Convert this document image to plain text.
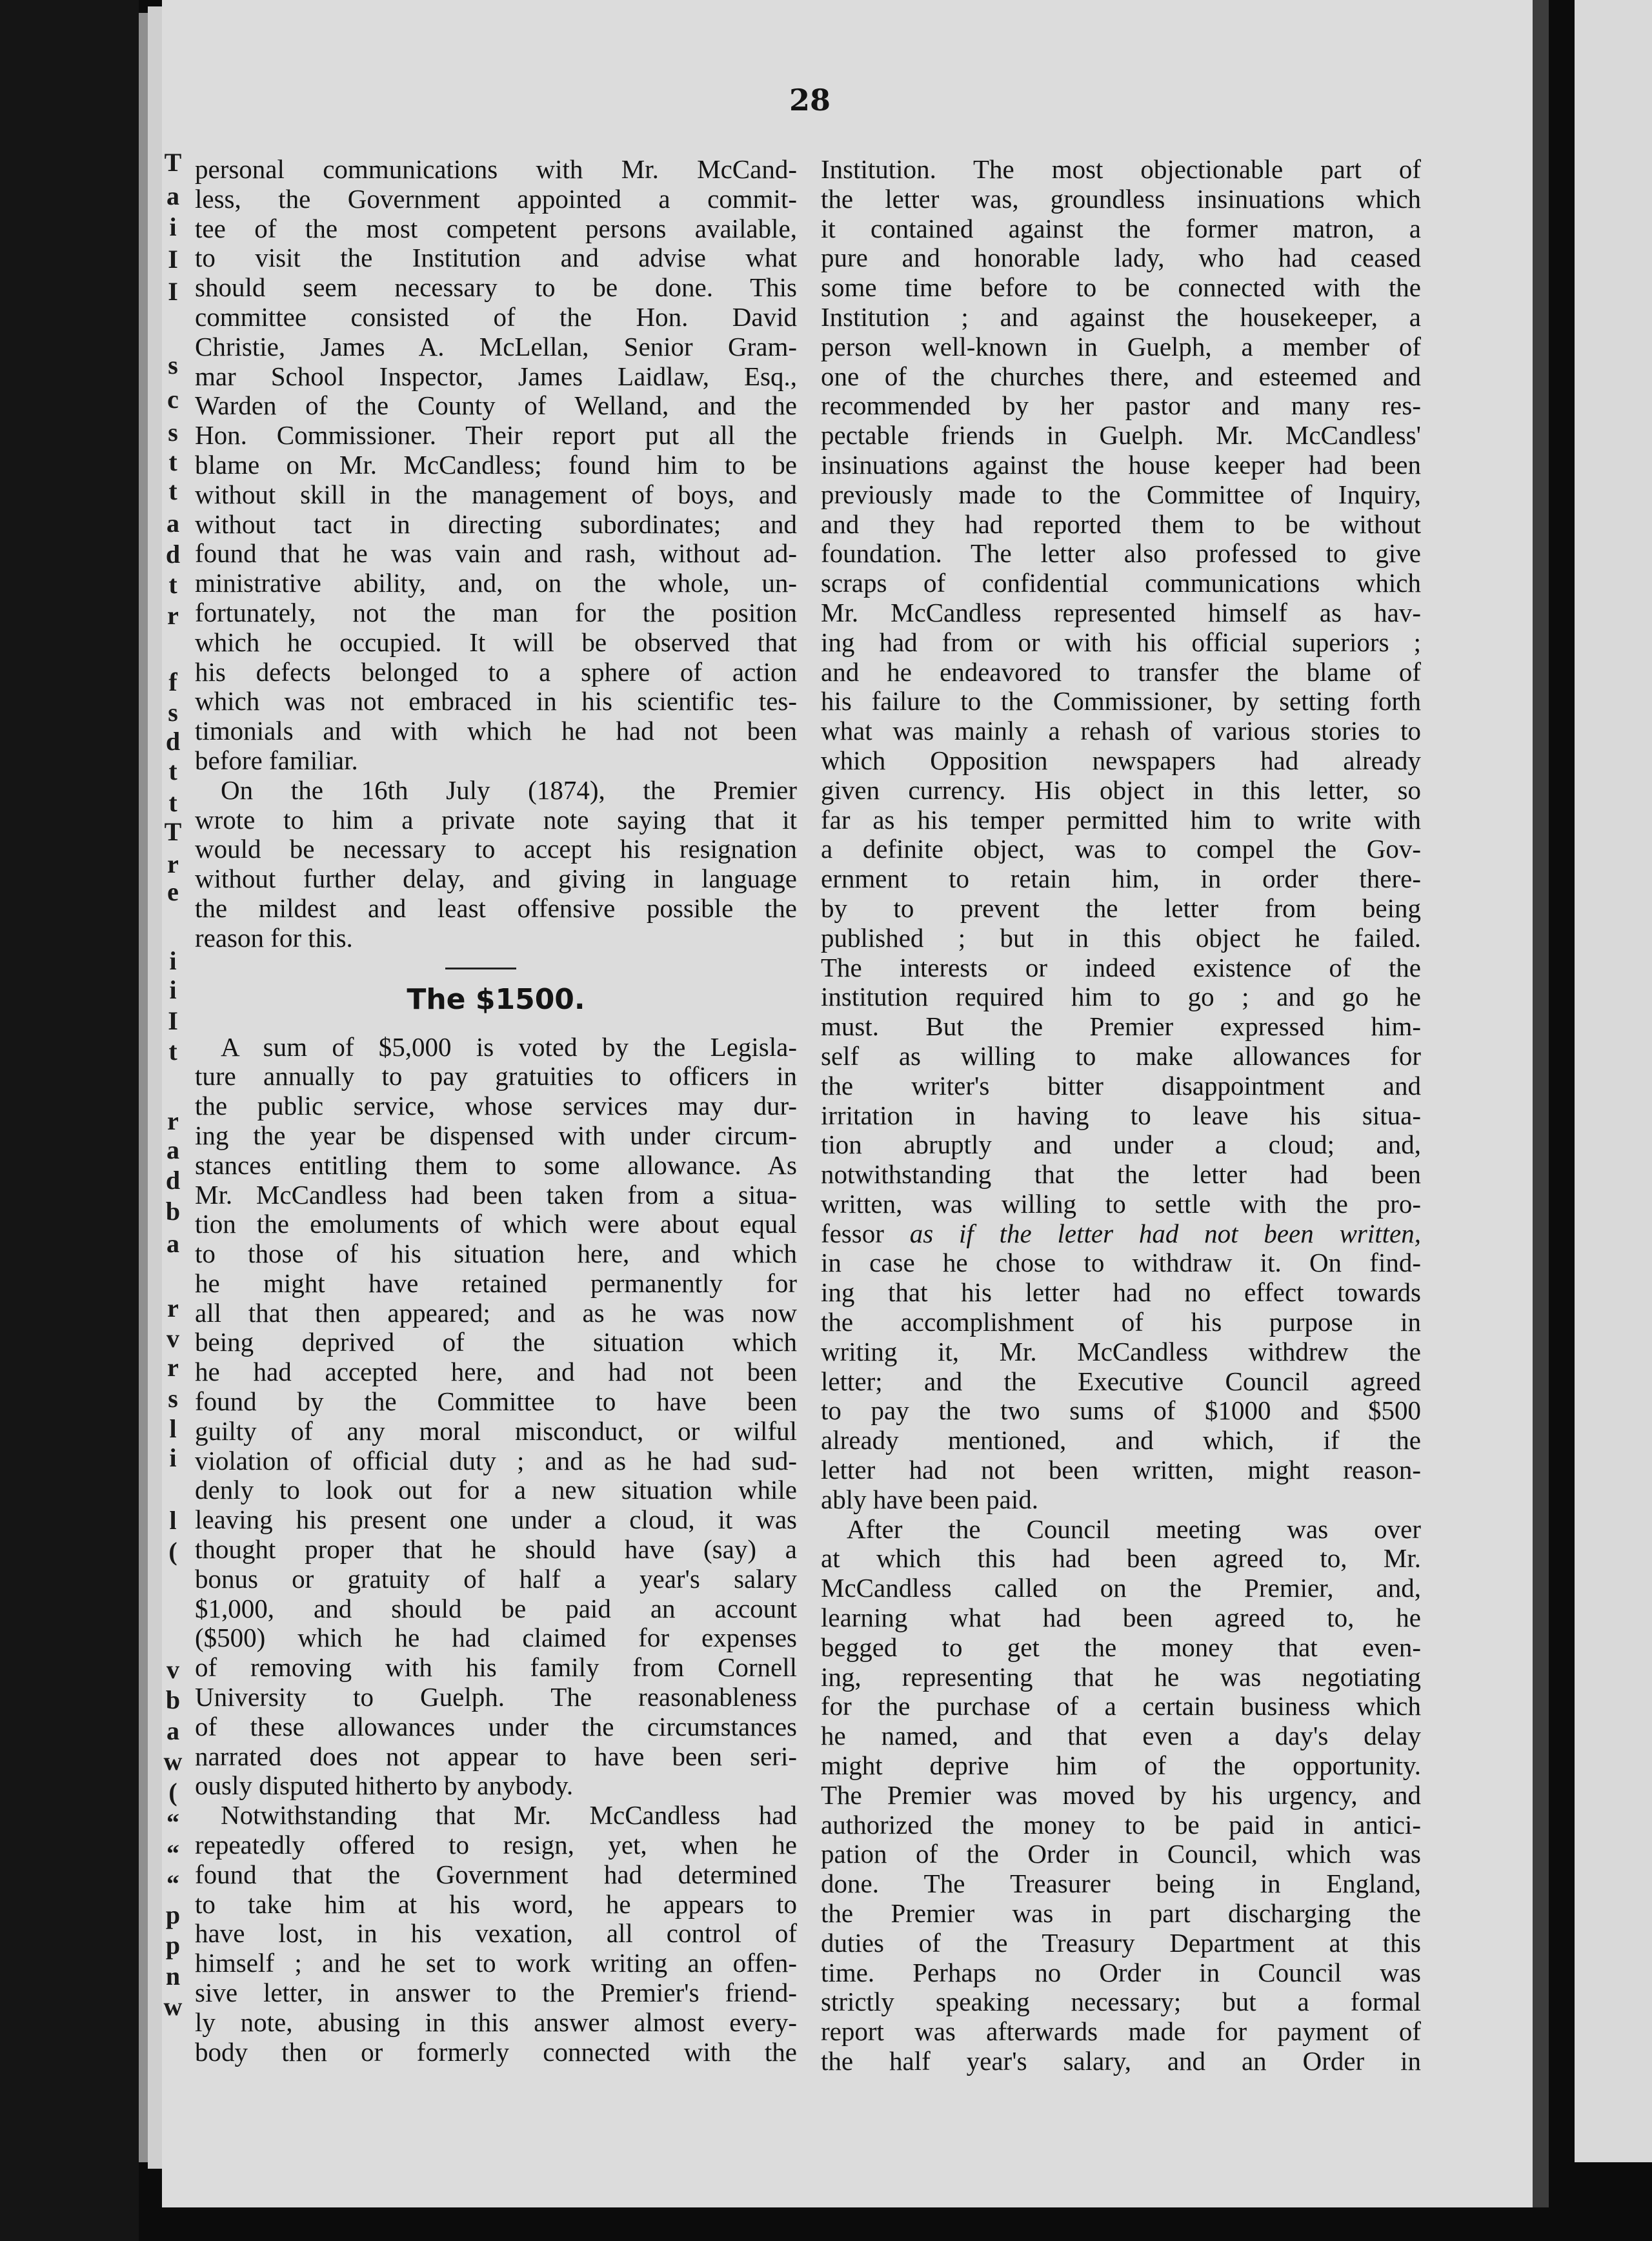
28
T
a
i
I
I
s
c
s
t
t
a
d
t
r
f
s
d
t
t
T
r
e
i
i
I
t
r
a
d
b
a
r
v
r
s
l
i
l
(
v
b
a
w
(
“
“
“
p
p
n
w
personal communications with Mr. McCand-
less, the Government appointed a commit-
tee of the most competent persons available,
to visit the Institution and advise what
should seem necessary to be done. This
committee consisted of the Hon. David
Christie, James A. McLellan, Senior Gram-
mar School Inspector, James Laidlaw, Esq.,
Warden of the County of Welland, and the
Hon. Commissioner. Their report put all the
blame on Mr. McCandless; found him to be
without skill in the management of boys, and
without tact in directing subordinates; and
found that he was vain and rash, without ad-
ministrative ability, and, on the whole, un-
fortunately, not the man for the position
which he occupied. It will be observed that
his defects belonged to a sphere of action
which was not embraced in his scientific tes-
timonials and with which he had not been
before familiar.
On the 16th July (1874), the Premier
wrote to him a private note saying that it
would be necessary to accept his resignation
without further delay, and giving in language
the mildest and least offensive possible the
reason for this.
The $1500.
A sum of $5,000 is voted by the Legisla-
ture annually to pay gratuities to officers in
the public service, whose services may dur-
ing the year be dispensed with under circum-
stances entitling them to some allowance. As
Mr. McCandless had been taken from a situa-
tion the emoluments of which were about equal
to those of his situation here, and which
he might have retained permanently for
all that then appeared; and as he was now
being deprived of the situation which
he had accepted here, and had not been
found by the Committee to have been
guilty of any moral misconduct, or wilful
violation of official duty ; and as he had sud-
denly to look out for a new situation while
leaving his present one under a cloud, it was
thought proper that he should have (say) a
bonus or gratuity of half a year's salary
$1,000, and should be paid an account
($500) which he had claimed for expenses
of removing with his family from Cornell
University to Guelph. The reasonableness
of these allowances under the circumstances
narrated does not appear to have been seri-
ously disputed hitherto by anybody.
Notwithstanding that Mr. McCandless had
repeatedly offered to resign, yet, when he
found that the Government had determined
to take him at his word, he appears to
have lost, in his vexation, all control of
himself ; and he set to work writing an offen-
sive letter, in answer to the Premier's friend-
ly note, abusing in this answer almost every-
body then or formerly connected with the
Institution. The most objectionable part of
the letter was, groundless insinuations which
it contained against the former matron, a
pure and honorable lady, who had ceased
some time before to be connected with the
Institution ; and against the housekeeper, a
person well-known in Guelph, a member of
one of the churches there, and esteemed and
recommended by her pastor and many res-
pectable friends in Guelph. Mr. McCandless'
insinuations against the house keeper had been
previously made to the Committee of Inquiry,
and they had reported them to be without
foundation. The letter also professed to give
scraps of confidential communications which
Mr. McCandless represented himself as hav-
ing had from or with his official superiors ;
and he endeavored to transfer the blame of
his failure to the Commissioner, by setting forth
what was mainly a rehash of various stories to
which Opposition newspapers had already
given currency. His object in this letter, so
far as his temper permitted him to write with
a definite object, was to compel the Gov-
ernment to retain him, in order there-
by to prevent the letter from being
published ; but in this object he failed.
The interests or indeed existence of the
institution required him to go ; and go he
must. But the Premier expressed him-
self as willing to make allowances for
the writer's bitter disappointment and
irritation in having to leave his situa-
tion abruptly and under a cloud; and,
notwithstanding that the letter had been
written, was willing to settle with the pro-
fessor as if the letter had not been written,
in case he chose to withdraw it. On find-
ing that his letter had no effect towards
the accomplishment of his purpose in
writing it, Mr. McCandless withdrew the
letter; and the Executive Council agreed
to pay the two sums of $1000 and $500
already mentioned, and which, if the
letter had not been written, might reason-
ably have been paid.
After the Council meeting was over
at which this had been agreed to, Mr.
McCandless called on the Premier, and,
learning what had been agreed to, he
begged to get the money that even-
ing, representing that he was negotiating
for the purchase of a certain business which
he named, and that even a day's delay
might deprive him of the opportunity.
The Premier was moved by his urgency, and
authorized the money to be paid in antici-
pation of the Order in Council, which was
done. The Treasurer being in England,
the Premier was in part discharging the
duties of the Treasury Department at this
time. Perhaps no Order in Council was
strictly speaking necessary; but a formal
report was afterwards made for payment of
the half year's salary, and an Order in
